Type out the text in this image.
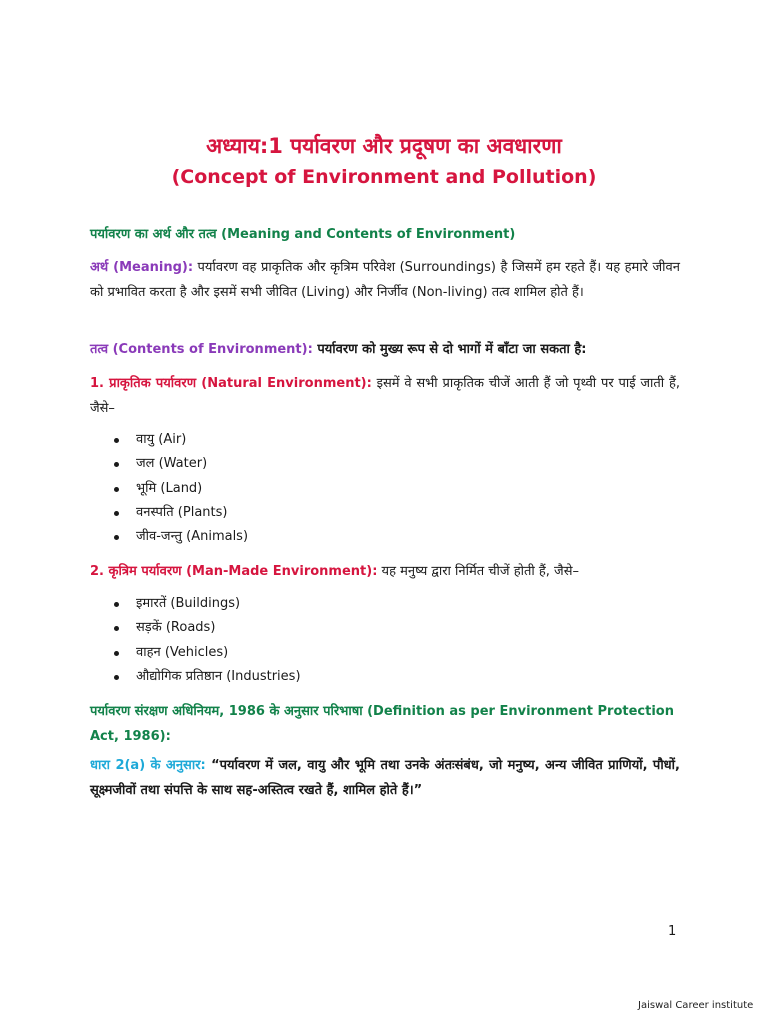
अध्याय:1 पर्यावरण और प्रदूषण का अवधारणा
(Concept of Environment and Pollution)
पर्यावरण का अर्थ और तत्व (Meaning and Contents of Environment)
अर्थ (Meaning): पर्यावरण वह प्राकृतिक और कृत्रिम परिवेश (Surroundings) है जिसमें हम रहते हैं। यह हमारे जीवन को प्रभावित करता है और इसमें सभी जीवित (Living) और निर्जीव (Non-living) तत्व शामिल होते हैं।
तत्व (Contents of Environment): पर्यावरण को मुख्य रूप से दो भागों में बाँटा जा सकता है:
1. प्राकृतिक पर्यावरण (Natural Environment): इसमें वे सभी प्राकृतिक चीजें आती हैं जो पृथ्वी पर पाई जाती हैं, जैसे–
वायु (Air)
जल (Water)
भूमि (Land)
वनस्पति (Plants)
जीव-जन्तु (Animals)
2. कृत्रिम पर्यावरण (Man-Made Environment): यह मनुष्य द्वारा निर्मित चीजें होती हैं, जैसे–
इमारतें (Buildings)
सड़कें (Roads)
वाहन (Vehicles)
औद्योगिक प्रतिष्ठान (Industries)
पर्यावरण संरक्षण अधिनियम, 1986 के अनुसार परिभाषा (Definition as per Environment Protection Act, 1986):
धारा 2(a) के अनुसार: “पर्यावरण में जल, वायु और भूमि तथा उनके अंतःसंबंध, जो मनुष्य, अन्य जीवित प्राणियों, पौधों, सूक्ष्मजीवों तथा संपत्ति के साथ सह-अस्तित्व रखते हैं, शामिल होते हैं।”
1
Jaiswal Career institute
